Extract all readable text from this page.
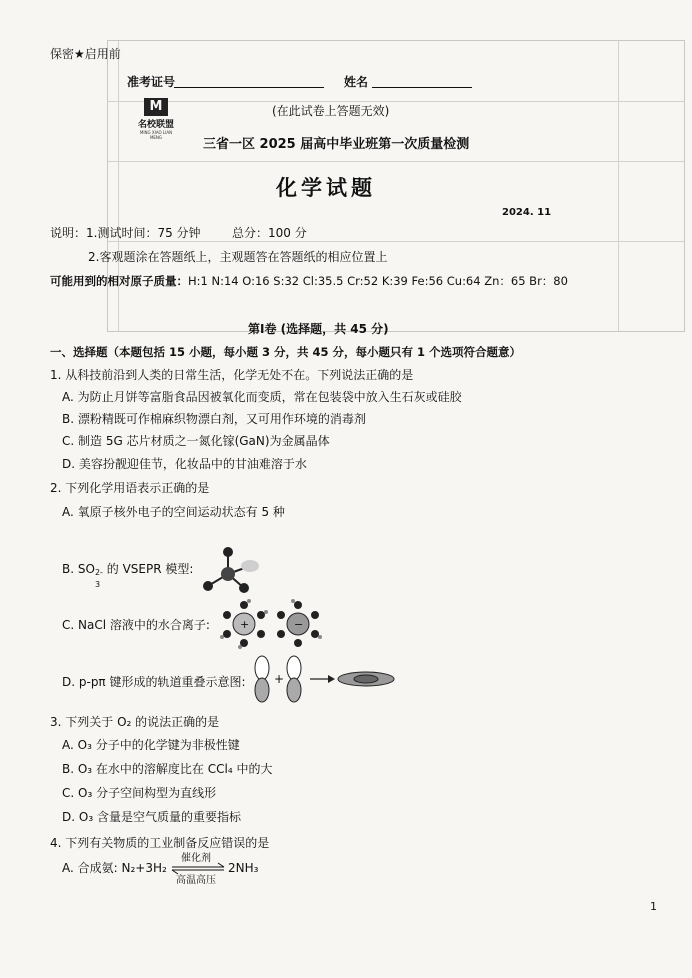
保密★启用前
准考证号	姓名
(在此试卷上答题无效)
M
名校联盟
MING XIAO LIAN MENG	三省一区 2025 届高中毕业班第一次质量检测
化学试题
2024. 11
说明：1.测试时间：75 分钟	总分：100 分
2.客观题涂在答题纸上，主观题答在答题纸的相应位置上
可能用到的相对原子质量：H:1 N:14 O:16 S:32 Cl:35.5 Cr:52 K:39 Fe:56 Cu:64 Zn：65 Br：80
第Ⅰ卷 (选择题，共 45 分)
一、选择题（本题包括 15 小题，每小题 3 分，共 45 分，每小题只有 1 个选项符合题意）
1. 从科技前沿到人类的日常生活，化学无处不在。下列说法正确的是
A. 为防止月饼等富脂食品因被氧化而变质，常在包装袋中放入生石灰或硅胶
B. 漂粉精既可作棉麻织物漂白剂，又可用作环境的消毒剂
C. 制造 5G 芯片材质之一氮化镓(GaN)为金属晶体
D. 美容扮靓迎佳节，化妆品中的甘油难溶于水
2. 下列化学用语表示正确的是
A. 氧原子核外电子的空间运动状态有 5 种
B. SO 2-
3
的 VSEPR 模型:
C. NaCl 溶液中的水合离子:	+	−
D. p-pπ 键形成的轨道重叠示意图: +
3. 下列关于 O₂ 的说法正确的是
A. O₃ 分子中的化学键为非极性键
B. O₃ 在水中的溶解度比在 CCl₄ 中的大
C. O₃ 分子空间构型为直线形
D. O₃ 含量是空气质量的重要指标
4. 下列有关物质的工业制备反应错误的是
A. 合成氨: N₂+3H₂
催化剂
高温高压
2NH₃
1
